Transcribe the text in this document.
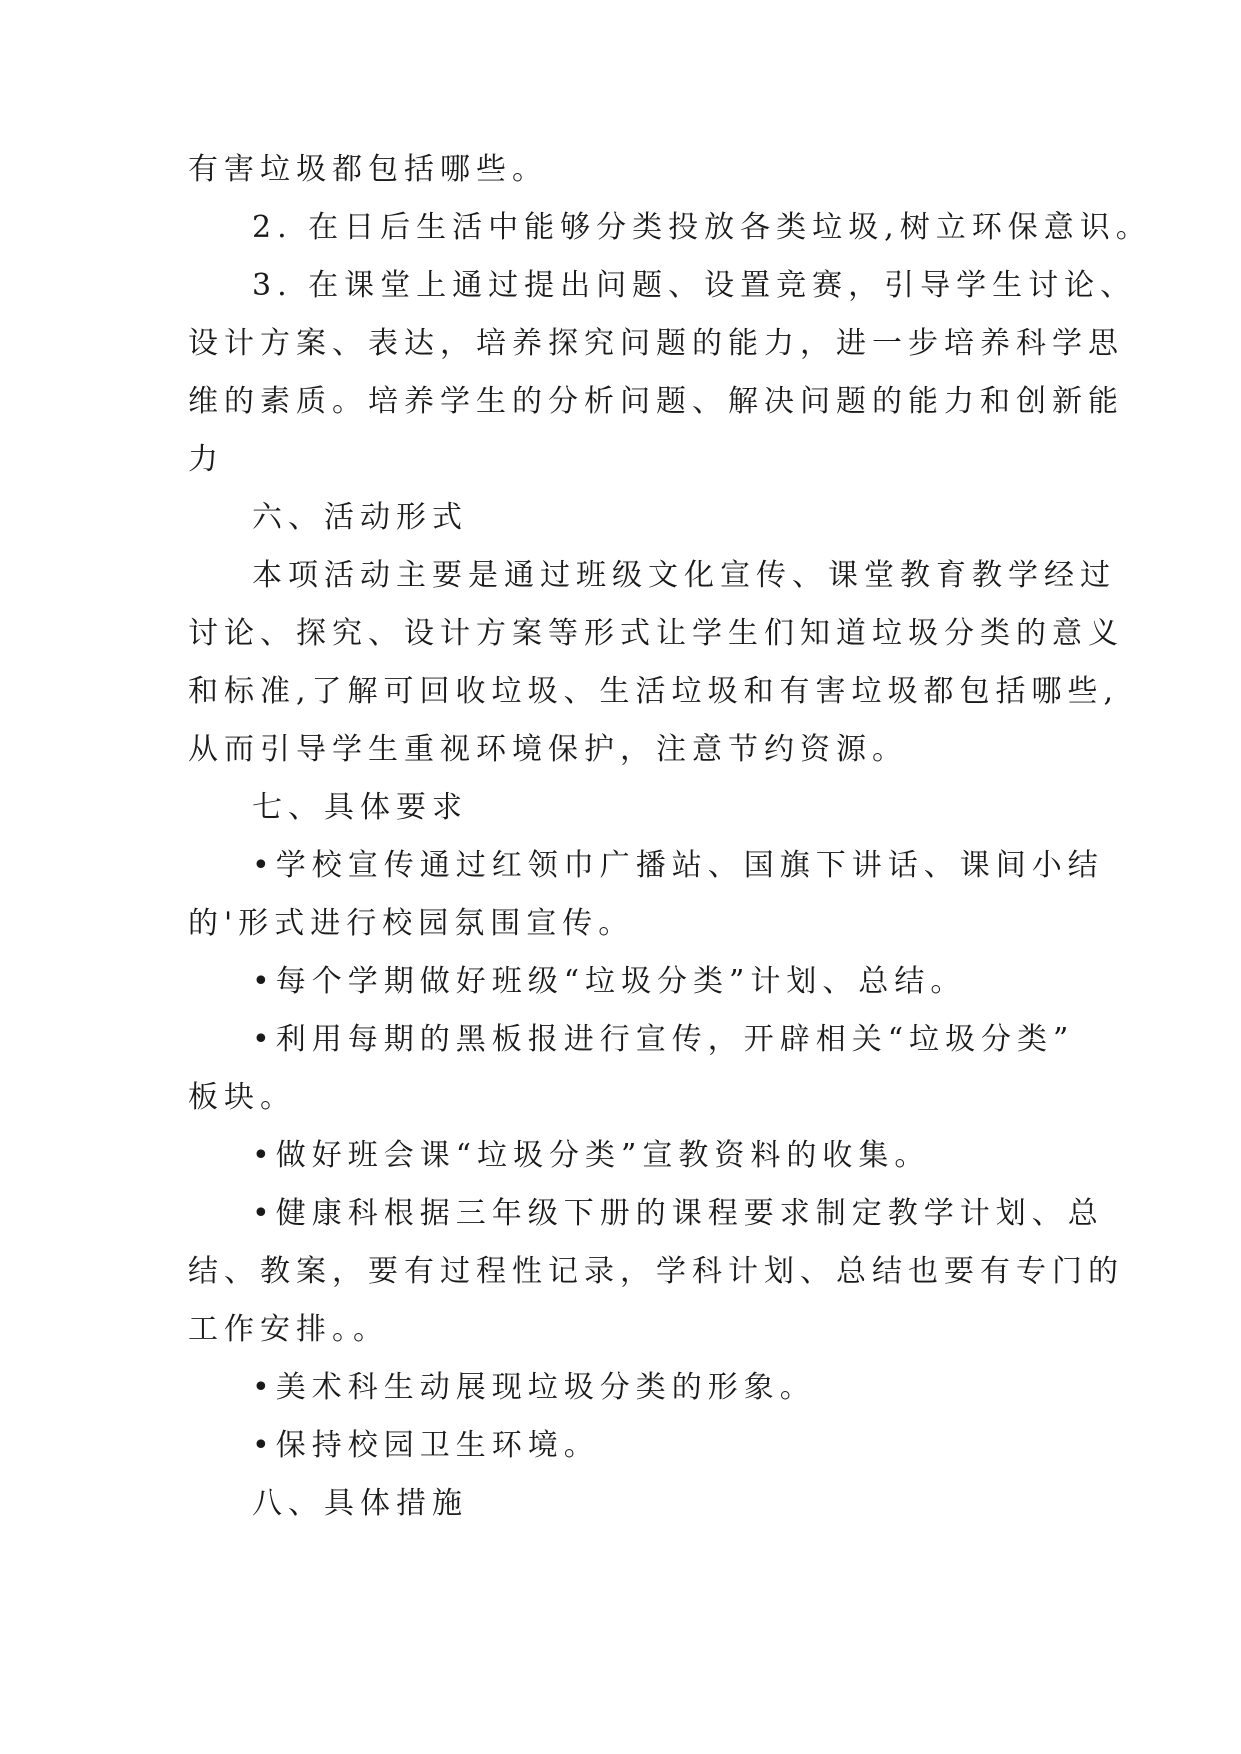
有害垃圾都包括哪些。
2. 在日后生活中能够分类投放各类垃圾,树立环保意识。
3. 在课堂上通过提出问题、设置竞赛，引导学生讨论、
设计方案、表达，培养探究问题的能力，进一步培养科学思
维的素质。培养学生的分析问题、解决问题的能力和创新能
力
六、活动形式
本项活动主要是通过班级文化宣传、课堂教育教学经过
讨论、探究、设计方案等形式让学生们知道垃圾分类的意义
和标准,了解可回收垃圾、生活垃圾和有害垃圾都包括哪些,
从而引导学生重视环境保护，注意节约资源。
七、具体要求
•学校宣传通过红领巾广播站、国旗下讲话、课间小结
的'形式进行校园氛围宣传。
•每个学期做好班级“垃圾分类”计划、总结。
•利用每期的黑板报进行宣传，开辟相关“垃圾分类”
板块。
•做好班会课“垃圾分类”宣教资料的收集。
•健康科根据三年级下册的课程要求制定教学计划、总
结、教案，要有过程性记录，学科计划、总结也要有专门的
工作安排。。
•美术科生动展现垃圾分类的形象。
•保持校园卫生环境。
八、具体措施
